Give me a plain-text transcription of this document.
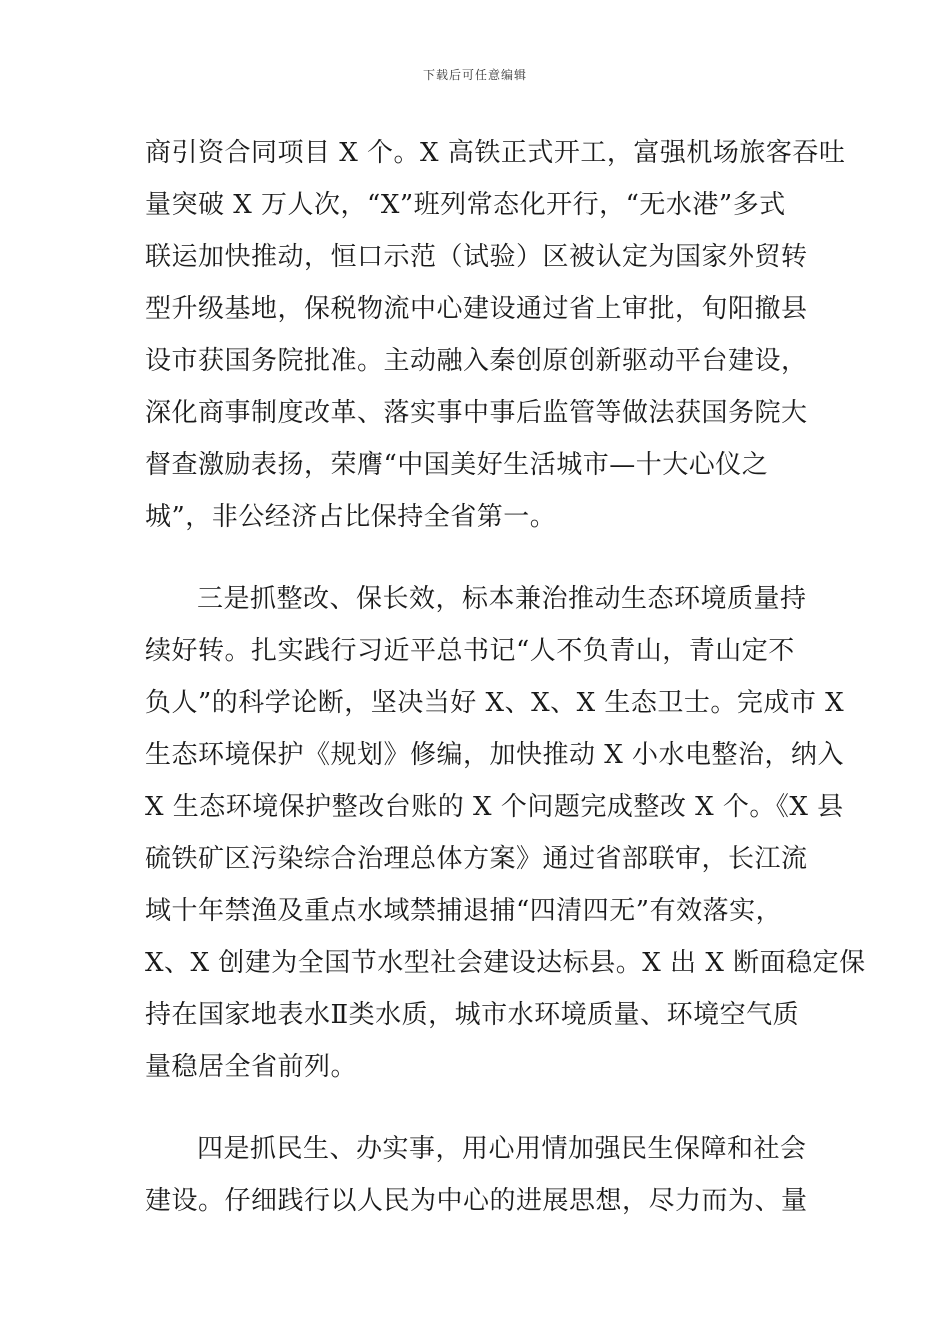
下载后可任意编辑
商引资合同项目 X 个。X 高铁正式开工，富强机场旅客吞吐
量突破 X 万人次，“X”班列常态化开行，“无水港”多式
联运加快推动，恒口示范（试验）区被认定为国家外贸转
型升级基地，保税物流中心建设通过省上审批，旬阳撤县
设市获国务院批准。主动融入秦创原创新驱动平台建设，
深化商事制度改革、落实事中事后监管等做法获国务院大
督查激励表扬，荣膺“中国美好生活城市—十大心仪之
城”，非公经济占比保持全省第一。
三是抓整改、保长效，标本兼治推动生态环境质量持
续好转。扎实践行习近平总书记“人不负青山，青山定不
负人”的科学论断，坚决当好 X、X、X 生态卫士。完成市 X
生态环境保护《规划》修编，加快推动 X 小水电整治，纳入
X 生态环境保护整改台账的 X 个问题完成整改 X 个。《X 县
硫铁矿区污染综合治理总体方案》通过省部联审，长江流
域十年禁渔及重点水域禁捕退捕“四清四无”有效落实，
X、X 创建为全国节水型社会建设达标县。X 出 X 断面稳定保
持在国家地表水Ⅱ类水质，城市水环境质量、环境空气质
量稳居全省前列。
四是抓民生、办实事，用心用情加强民生保障和社会
建设。仔细践行以人民为中心的进展思想，尽力而为、量
